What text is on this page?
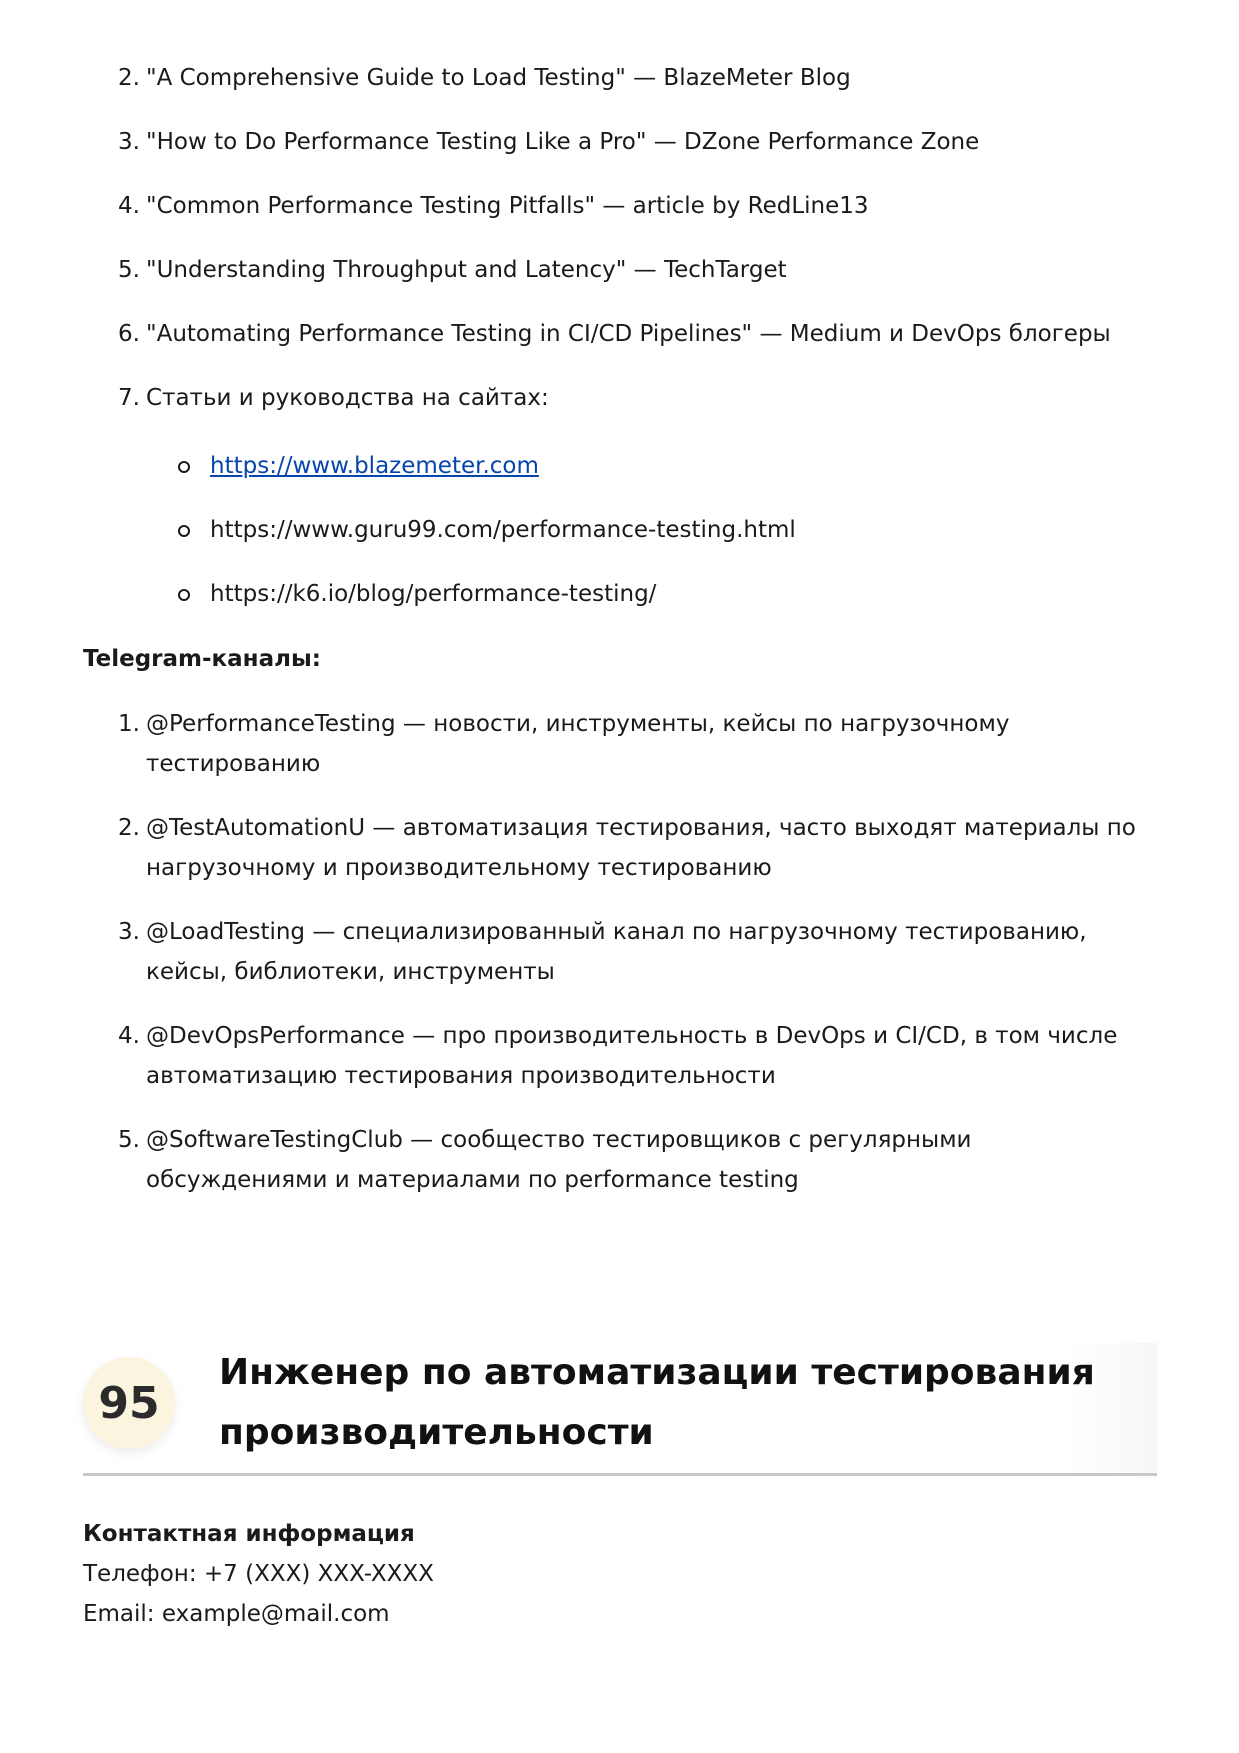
2. "A Comprehensive Guide to Load Testing" — BlazeMeter Blog
3. "How to Do Performance Testing Like a Pro" — DZone Performance Zone
4. "Common Performance Testing Pitfalls" — article by RedLine13
5. "Understanding Throughput and Latency" — TechTarget
6. "Automating Performance Testing in CI/CD Pipelines" — Medium и DevOps блогеры
7. Статьи и руководства на сайтах:
https://www.blazemeter.com
https://www.guru99.com/performance-testing.html
https://k6.io/blog/performance-testing/

Telegram-каналы:

1. @PerformanceTesting — новости, инструменты, кейсы по нагрузочному тестированию
2. @TestAutomationU — автоматизация тестирования, часто выходят материалы по нагрузочному и производительному тестированию
3. @LoadTesting — специализированный канал по нагрузочному тестированию, кейсы, библиотеки, инструменты
4. @DevOpsPerformance — про производительность в DevOps и CI/CD, в том числе автоматизацию тестирования производительности
5. @SoftwareTestingClub — сообщество тестировщиков с регулярными обсуждениями и материалами по performance testing
95
Инженер по автоматизации тестирования производительности

Контактная информация

Телефон: +7 (XXX) XXX-XXXX

Email: example@mail.com
